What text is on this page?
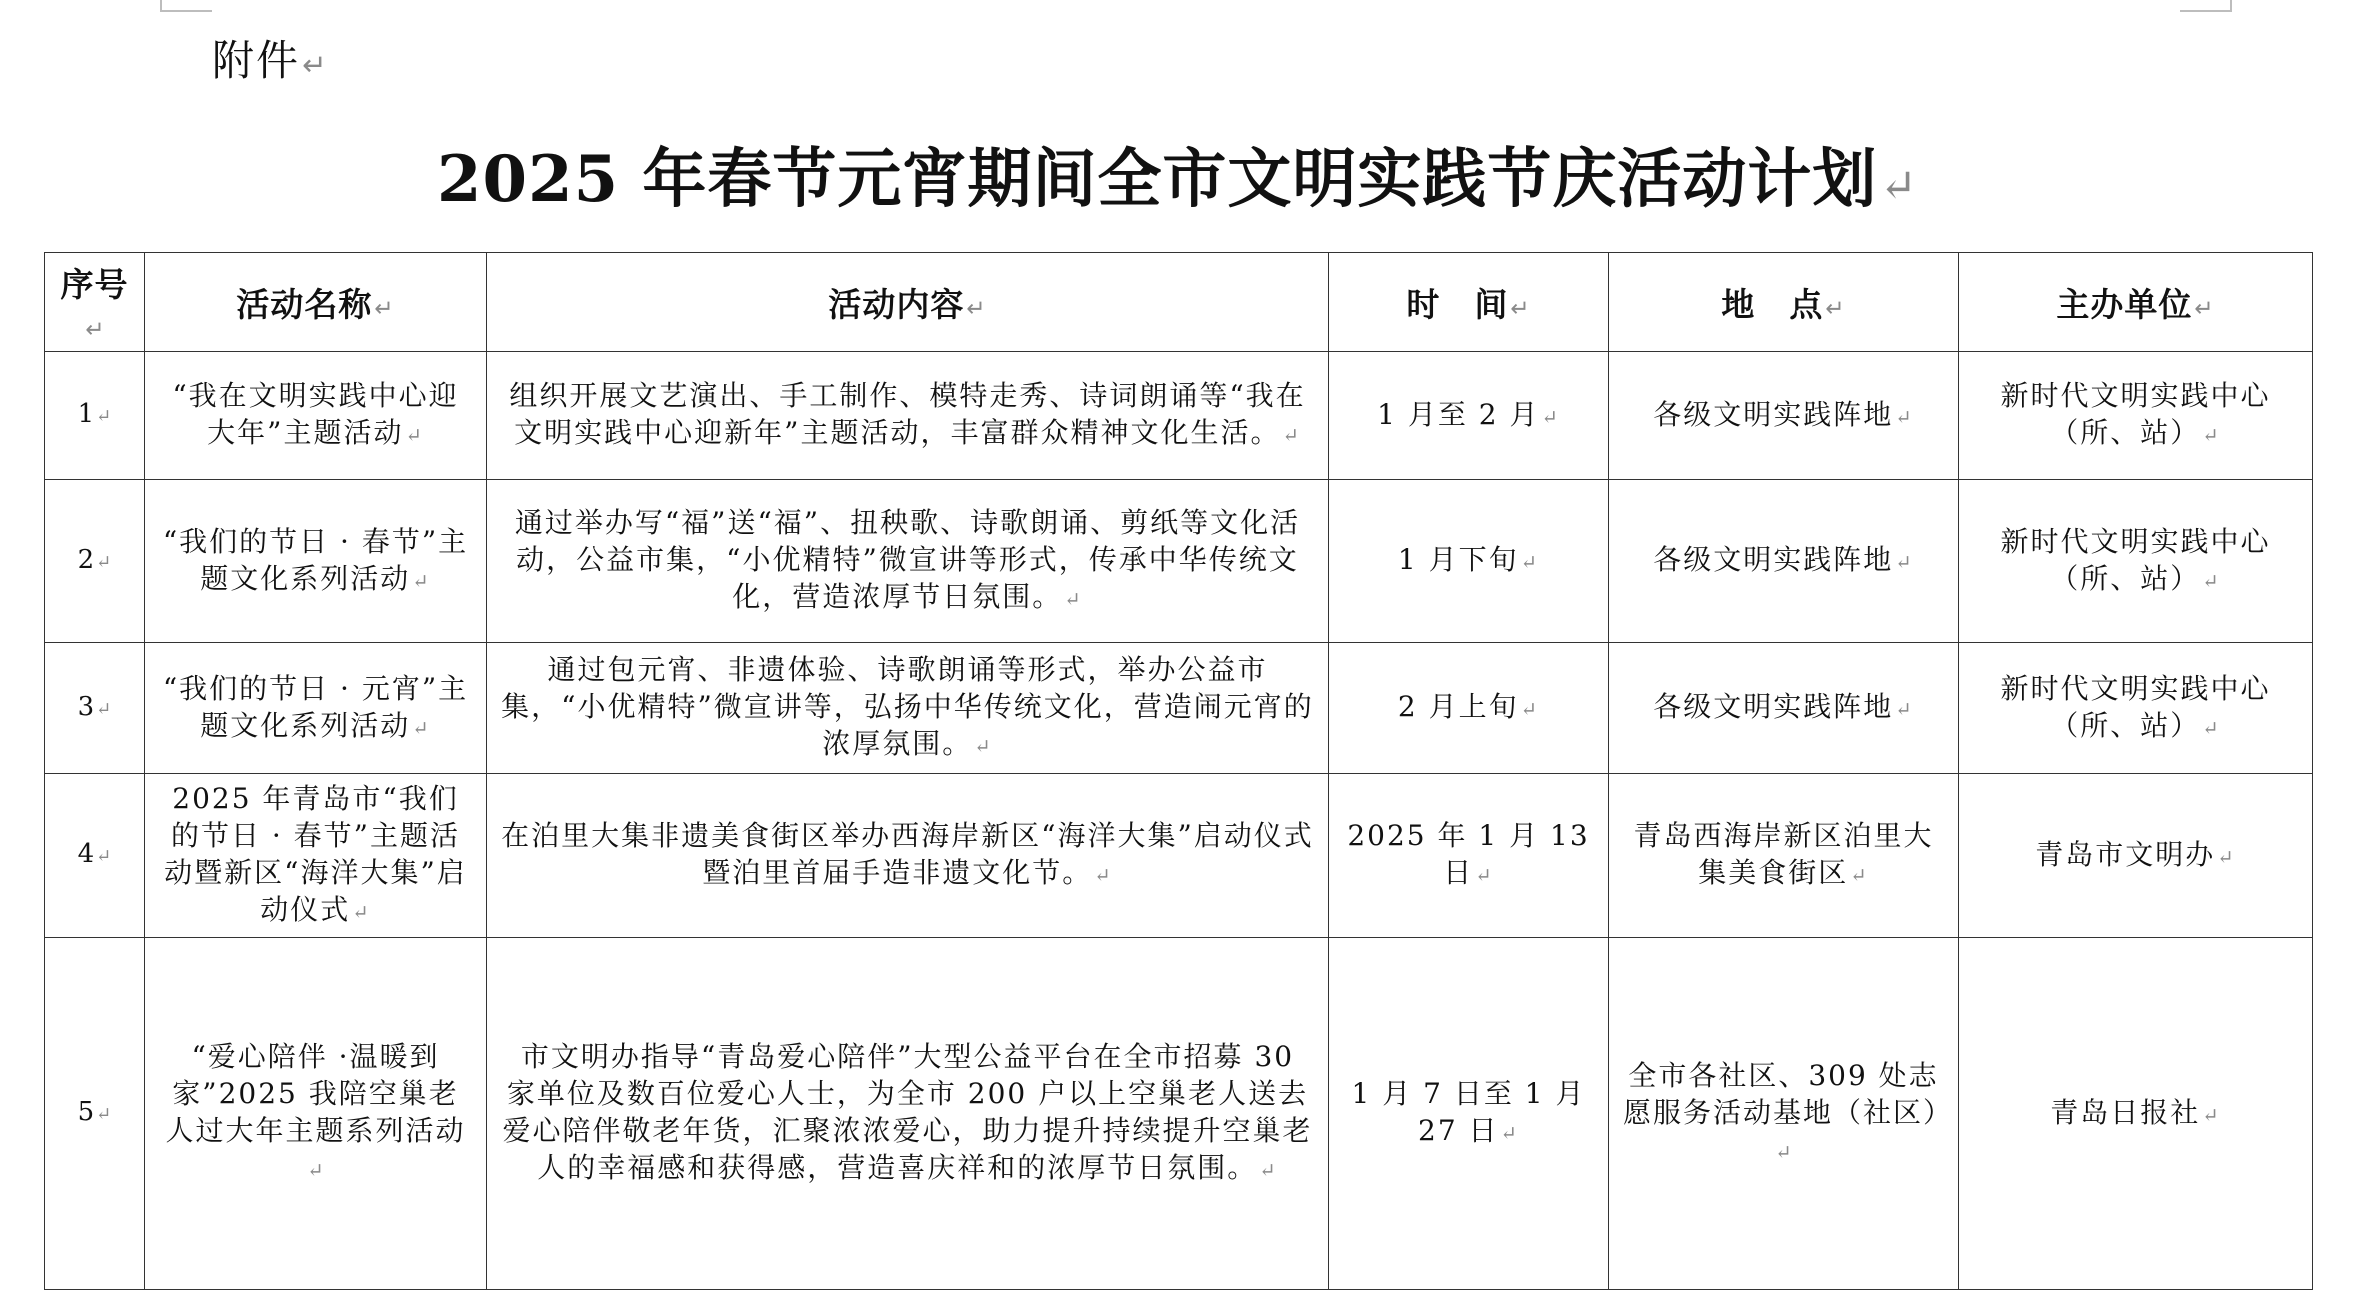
附件↵
2025 年春节元宵期间全市文明实践节庆活动计划↵
序号↵	活动名称↵	活动内容↵	时　间↵	地　点↵	主办单位↵
1 ↵	“我在文明实践中心迎大年”主题活动 ↵	组织开展文艺演出、手工制作、模特走秀、诗词朗诵等“我在文明实践中心迎新年”主题活动，丰富群众精神文化生活。 ↵	1 月至 2 月 ↵	各级文明实践阵地 ↵	新时代文明实践中心（所、站） ↵
2 ↵	“我们的节日 · 春节”主题文化系列活动 ↵	通过举办写“福”送“福”、扭秧歌、诗歌朗诵、剪纸等文化活动，公益市集，“小优精特”微宣讲等形式，传承中华传统文化，营造浓厚节日氛围。 ↵	1 月下旬 ↵	各级文明实践阵地 ↵	新时代文明实践中心（所、站） ↵
3 ↵	“我们的节日 · 元宵”主题文化系列活动 ↵	通过包元宵、非遗体验、诗歌朗诵等形式，举办公益市集，“小优精特”微宣讲等，弘扬中华传统文化，营造闹元宵的浓厚氛围。 ↵	2 月上旬 ↵	各级文明实践阵地 ↵	新时代文明实践中心（所、站） ↵
4 ↵	2025 年青岛市“我们的节日 · 春节”主题活动暨新区“海洋大集”启动仪式 ↵	在泊里大集非遗美食街区举办西海岸新区“海洋大集”启动仪式暨泊里首届手造非遗文化节。 ↵	2025 年 1 月 13 日 ↵	青岛西海岸新区泊里大集美食街区 ↵	青岛市文明办 ↵
5 ↵	“爱心陪伴 ·温暖到家”2025 我陪空巢老人过大年主题系列活动↵	市文明办指导“青岛爱心陪伴”大型公益平台在全市招募 30 家单位及数百位爱心人士，为全市 200 户以上空巢老人送去爱心陪伴敬老年货，汇聚浓浓爱心，助力提升持续提升空巢老人的幸福感和获得感，营造喜庆祥和的浓厚节日氛围。 ↵	1 月 7 日至 1 月 27 日 ↵	全市各社区、309 处志愿服务活动基地（社区）↵	青岛日报社 ↵
